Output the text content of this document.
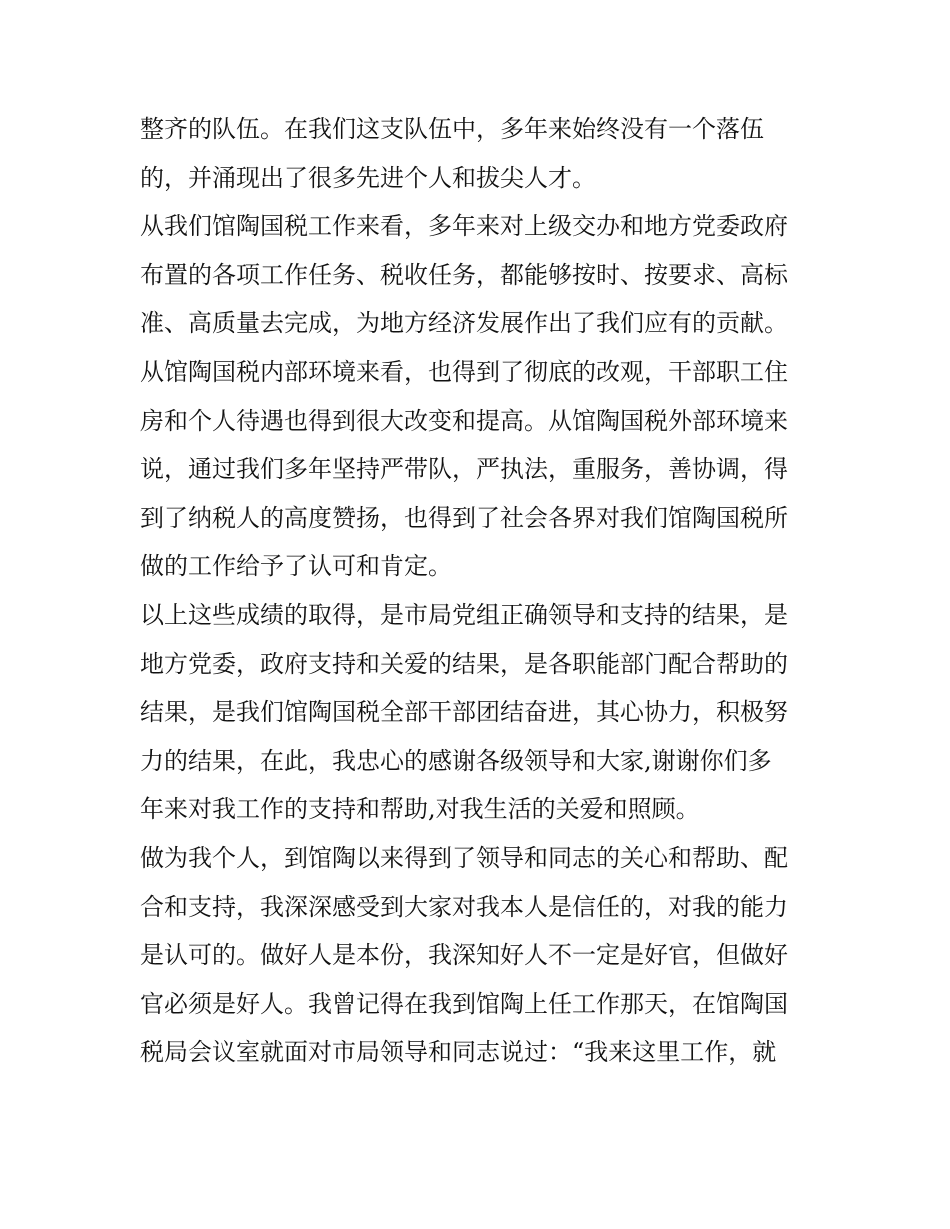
整齐的队伍。在我们这支队伍中，多年来始终没有一个落伍
的，并涌现出了很多先进个人和拔尖人才。
从我们馆陶国税工作来看，多年来对上级交办和地方党委政府
布置的各项工作任务、税收任务，都能够按时、按要求、高标
准、高质量去完成，为地方经济发展作出了我们应有的贡献。
从馆陶国税内部环境来看，也得到了彻底的改观，干部职工住
房和个人待遇也得到很大改变和提高。从馆陶国税外部环境来
说，通过我们多年坚持严带队，严执法，重服务，善协调，得
到了纳税人的高度赞扬，也得到了社会各界对我们馆陶国税所
做的工作给予了认可和肯定。
以上这些成绩的取得，是市局党组正确领导和支持的结果，是
地方党委，政府支持和关爱的结果，是各职能部门配合帮助的
结果，是我们馆陶国税全部干部团结奋进，其心协力，积极努
力的结果，在此，我忠心的感谢各级领导和大家,谢谢你们多
年来对我工作的支持和帮助,对我生活的关爱和照顾。
做为我个人，到馆陶以来得到了领导和同志的关心和帮助、配
合和支持，我深深感受到大家对我本人是信任的，对我的能力
是认可的。做好人是本份，我深知好人不一定是好官，但做好
官必须是好人。我曾记得在我到馆陶上任工作那天，在馆陶国
税局会议室就面对市局领导和同志说过：“我来这里工作，就
